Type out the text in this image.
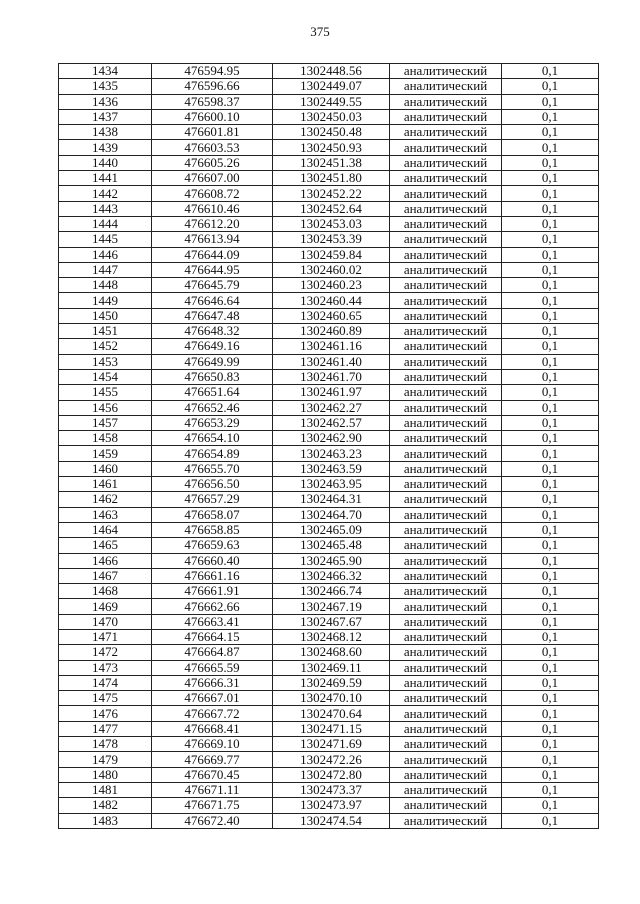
375
1434	476594.95	1302448.56	аналитический	0,1
1435	476596.66	1302449.07	аналитический	0,1
1436	476598.37	1302449.55	аналитический	0,1
1437	476600.10	1302450.03	аналитический	0,1
1438	476601.81	1302450.48	аналитический	0,1
1439	476603.53	1302450.93	аналитический	0,1
1440	476605.26	1302451.38	аналитический	0,1
1441	476607.00	1302451.80	аналитический	0,1
1442	476608.72	1302452.22	аналитический	0,1
1443	476610.46	1302452.64	аналитический	0,1
1444	476612.20	1302453.03	аналитический	0,1
1445	476613.94	1302453.39	аналитический	0,1
1446	476644.09	1302459.84	аналитический	0,1
1447	476644.95	1302460.02	аналитический	0,1
1448	476645.79	1302460.23	аналитический	0,1
1449	476646.64	1302460.44	аналитический	0,1
1450	476647.48	1302460.65	аналитический	0,1
1451	476648.32	1302460.89	аналитический	0,1
1452	476649.16	1302461.16	аналитический	0,1
1453	476649.99	1302461.40	аналитический	0,1
1454	476650.83	1302461.70	аналитический	0,1
1455	476651.64	1302461.97	аналитический	0,1
1456	476652.46	1302462.27	аналитический	0,1
1457	476653.29	1302462.57	аналитический	0,1
1458	476654.10	1302462.90	аналитический	0,1
1459	476654.89	1302463.23	аналитический	0,1
1460	476655.70	1302463.59	аналитический	0,1
1461	476656.50	1302463.95	аналитический	0,1
1462	476657.29	1302464.31	аналитический	0,1
1463	476658.07	1302464.70	аналитический	0,1
1464	476658.85	1302465.09	аналитический	0,1
1465	476659.63	1302465.48	аналитический	0,1
1466	476660.40	1302465.90	аналитический	0,1
1467	476661.16	1302466.32	аналитический	0,1
1468	476661.91	1302466.74	аналитический	0,1
1469	476662.66	1302467.19	аналитический	0,1
1470	476663.41	1302467.67	аналитический	0,1
1471	476664.15	1302468.12	аналитический	0,1
1472	476664.87	1302468.60	аналитический	0,1
1473	476665.59	1302469.11	аналитический	0,1
1474	476666.31	1302469.59	аналитический	0,1
1475	476667.01	1302470.10	аналитический	0,1
1476	476667.72	1302470.64	аналитический	0,1
1477	476668.41	1302471.15	аналитический	0,1
1478	476669.10	1302471.69	аналитический	0,1
1479	476669.77	1302472.26	аналитический	0,1
1480	476670.45	1302472.80	аналитический	0,1
1481	476671.11	1302473.37	аналитический	0,1
1482	476671.75	1302473.97	аналитический	0,1
1483	476672.40	1302474.54	аналитический	0,1
